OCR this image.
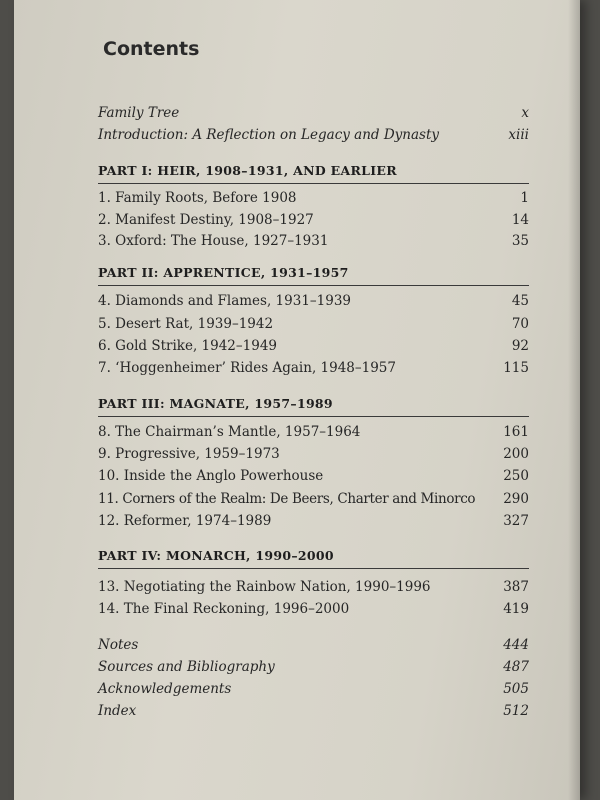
Contents
Family Tree	x
Introduction: A Reflection on Legacy and Dynasty	xiii
PART I: HEIR, 1908–1931, AND EARLIER
1. Family Roots, Before 1908	1
2. Manifest Destiny, 1908–1927	14
3. Oxford: The House, 1927–1931	35
PART II: APPRENTICE, 1931–1957
4. Diamonds and Flames, 1931–1939	45
5. Desert Rat, 1939–1942	70
6. Gold Strike, 1942–1949	92
7. ‘Hoggenheimer’ Rides Again, 1948–1957	115
PART III: MAGNATE, 1957–1989
8. The Chairman’s Mantle, 1957–1964	161
9. Progressive, 1959–1973	200
10. Inside the Anglo Powerhouse	250
11. Corners of the Realm: De Beers, Charter and Minorco 290
12. Reformer, 1974–1989	327
PART IV: MONARCH, 1990–2000
13. Negotiating the Rainbow Nation, 1990–1996	387
14. The Final Reckoning, 1996–2000	419
Notes	444
Sources and Bibliography	487
Acknowledgements	505
Index	512
